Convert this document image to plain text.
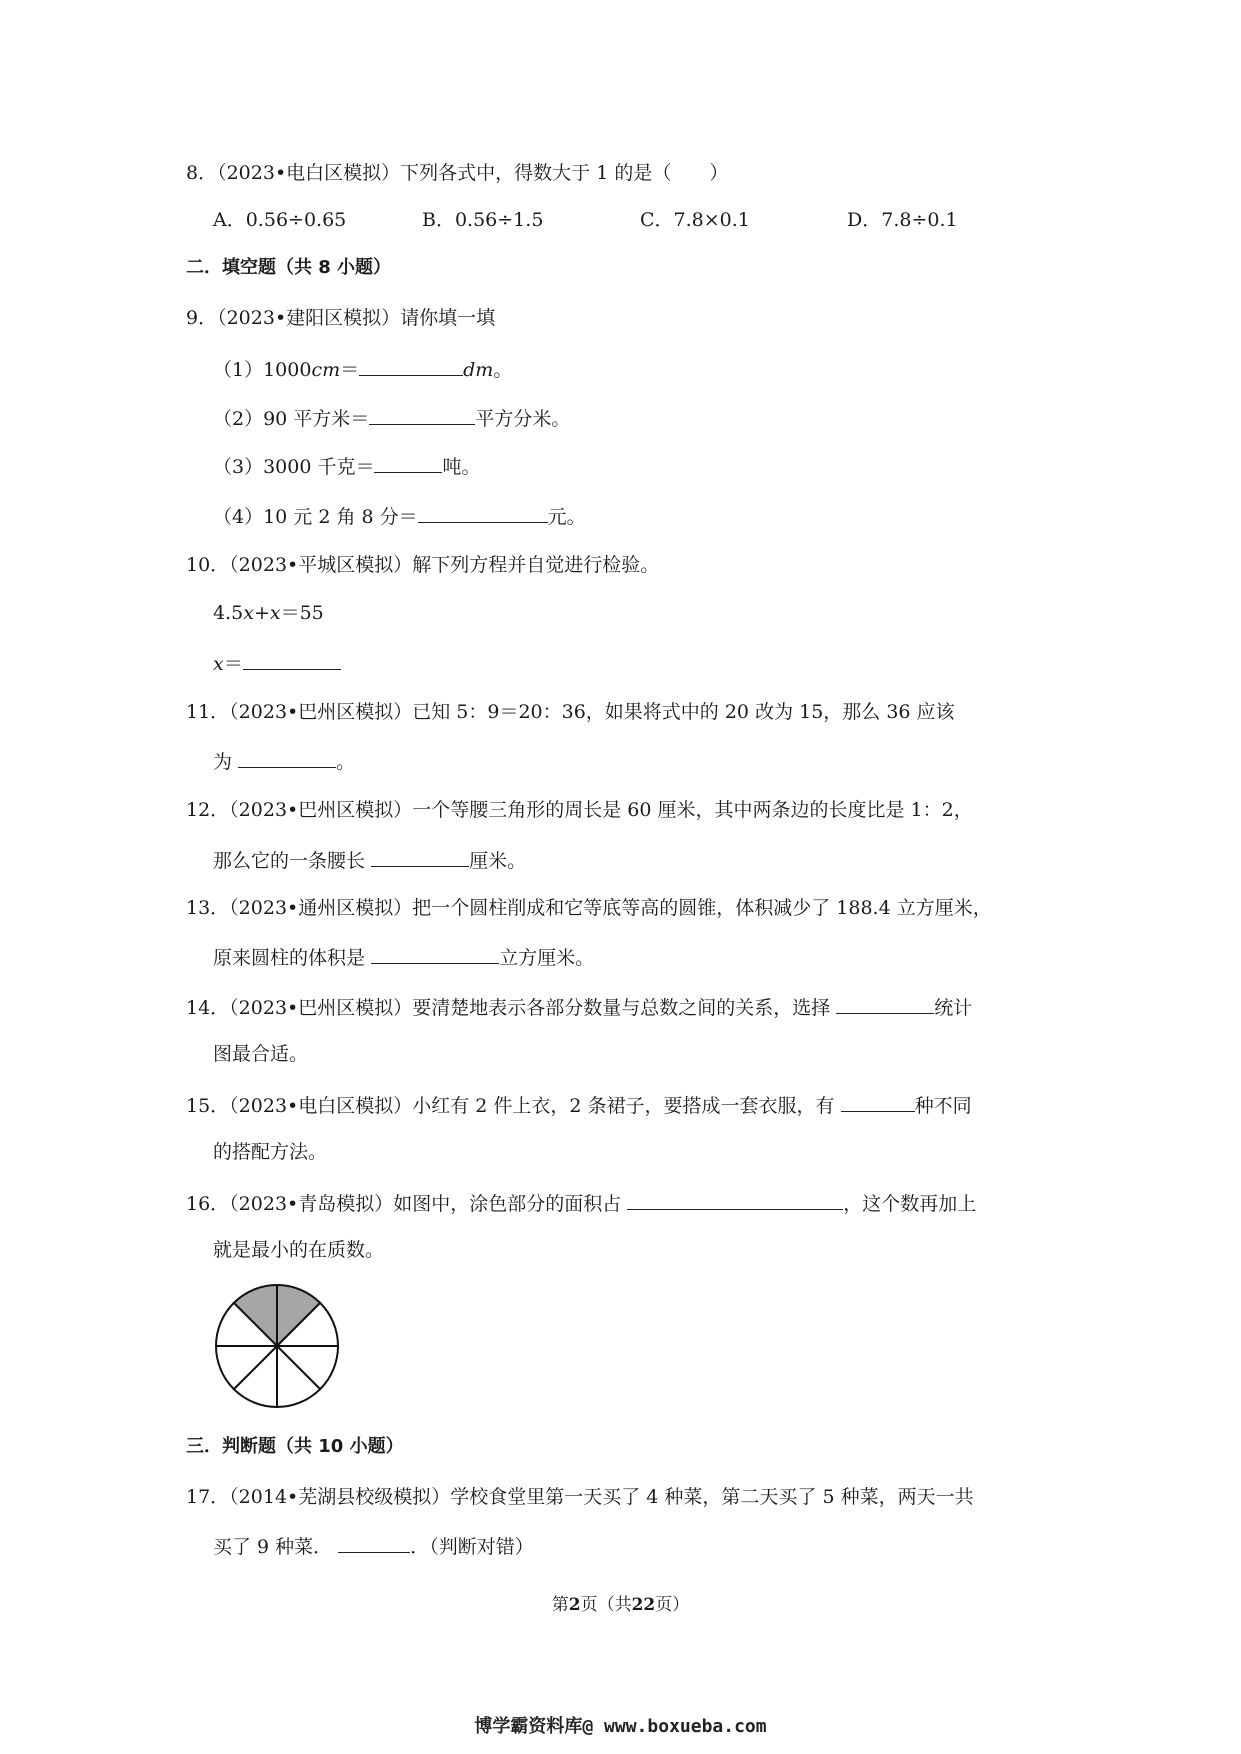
8．（2023•电白区模拟）下列各式中，得数大于 1 的是（　　）
A．0.56÷0.65	B．0.56÷1.5	C．7.8×0.1	D．7.8÷0.1
二．填空题（共 8 小题）
9．（2023•建阳区模拟）请你填一填
（1）1000cm＝	dm。
（2）90 平方米＝	平方分米。
（3）3000 千克＝	吨。
（4）10 元 2 角 8 分＝	元。
10．（2023•平城区模拟）解下列方程并自觉进行检验。
4.5x+x＝55
x＝
11．（2023•巴州区模拟）已知 5：9＝20：36，如果将式中的 20 改为 15，那么 36 应该
为	。
12．（2023•巴州区模拟）一个等腰三角形的周长是 60 厘米，其中两条边的长度比是 1：2，
那么它的一条腰长	厘米。
13．（2023•通州区模拟）把一个圆柱削成和它等底等高的圆锥，体积减少了 188.4 立方厘米，
原来圆柱的体积是	立方厘米。
14．（2023•巴州区模拟）要清楚地表示各部分数量与总数之间的关系，选择	统计
图最合适。
15．（2023•电白区模拟）小红有 2 件上衣，2 条裙子，要搭成一套衣服，有	种不同
的搭配方法。
16．（2023•青岛模拟）如图中，涂色部分的面积占	，这个数再加上
就是最小的在质数。
三．判断题（共 10 小题）
17．（2014•芜湖县校级模拟）学校食堂里第一天买了 4 种菜，第二天买了 5 种菜，两天一共
买了 9 种菜．	．（判断对错）
第2页（共22页）
博学霸资料库@ www.boxueba.com
